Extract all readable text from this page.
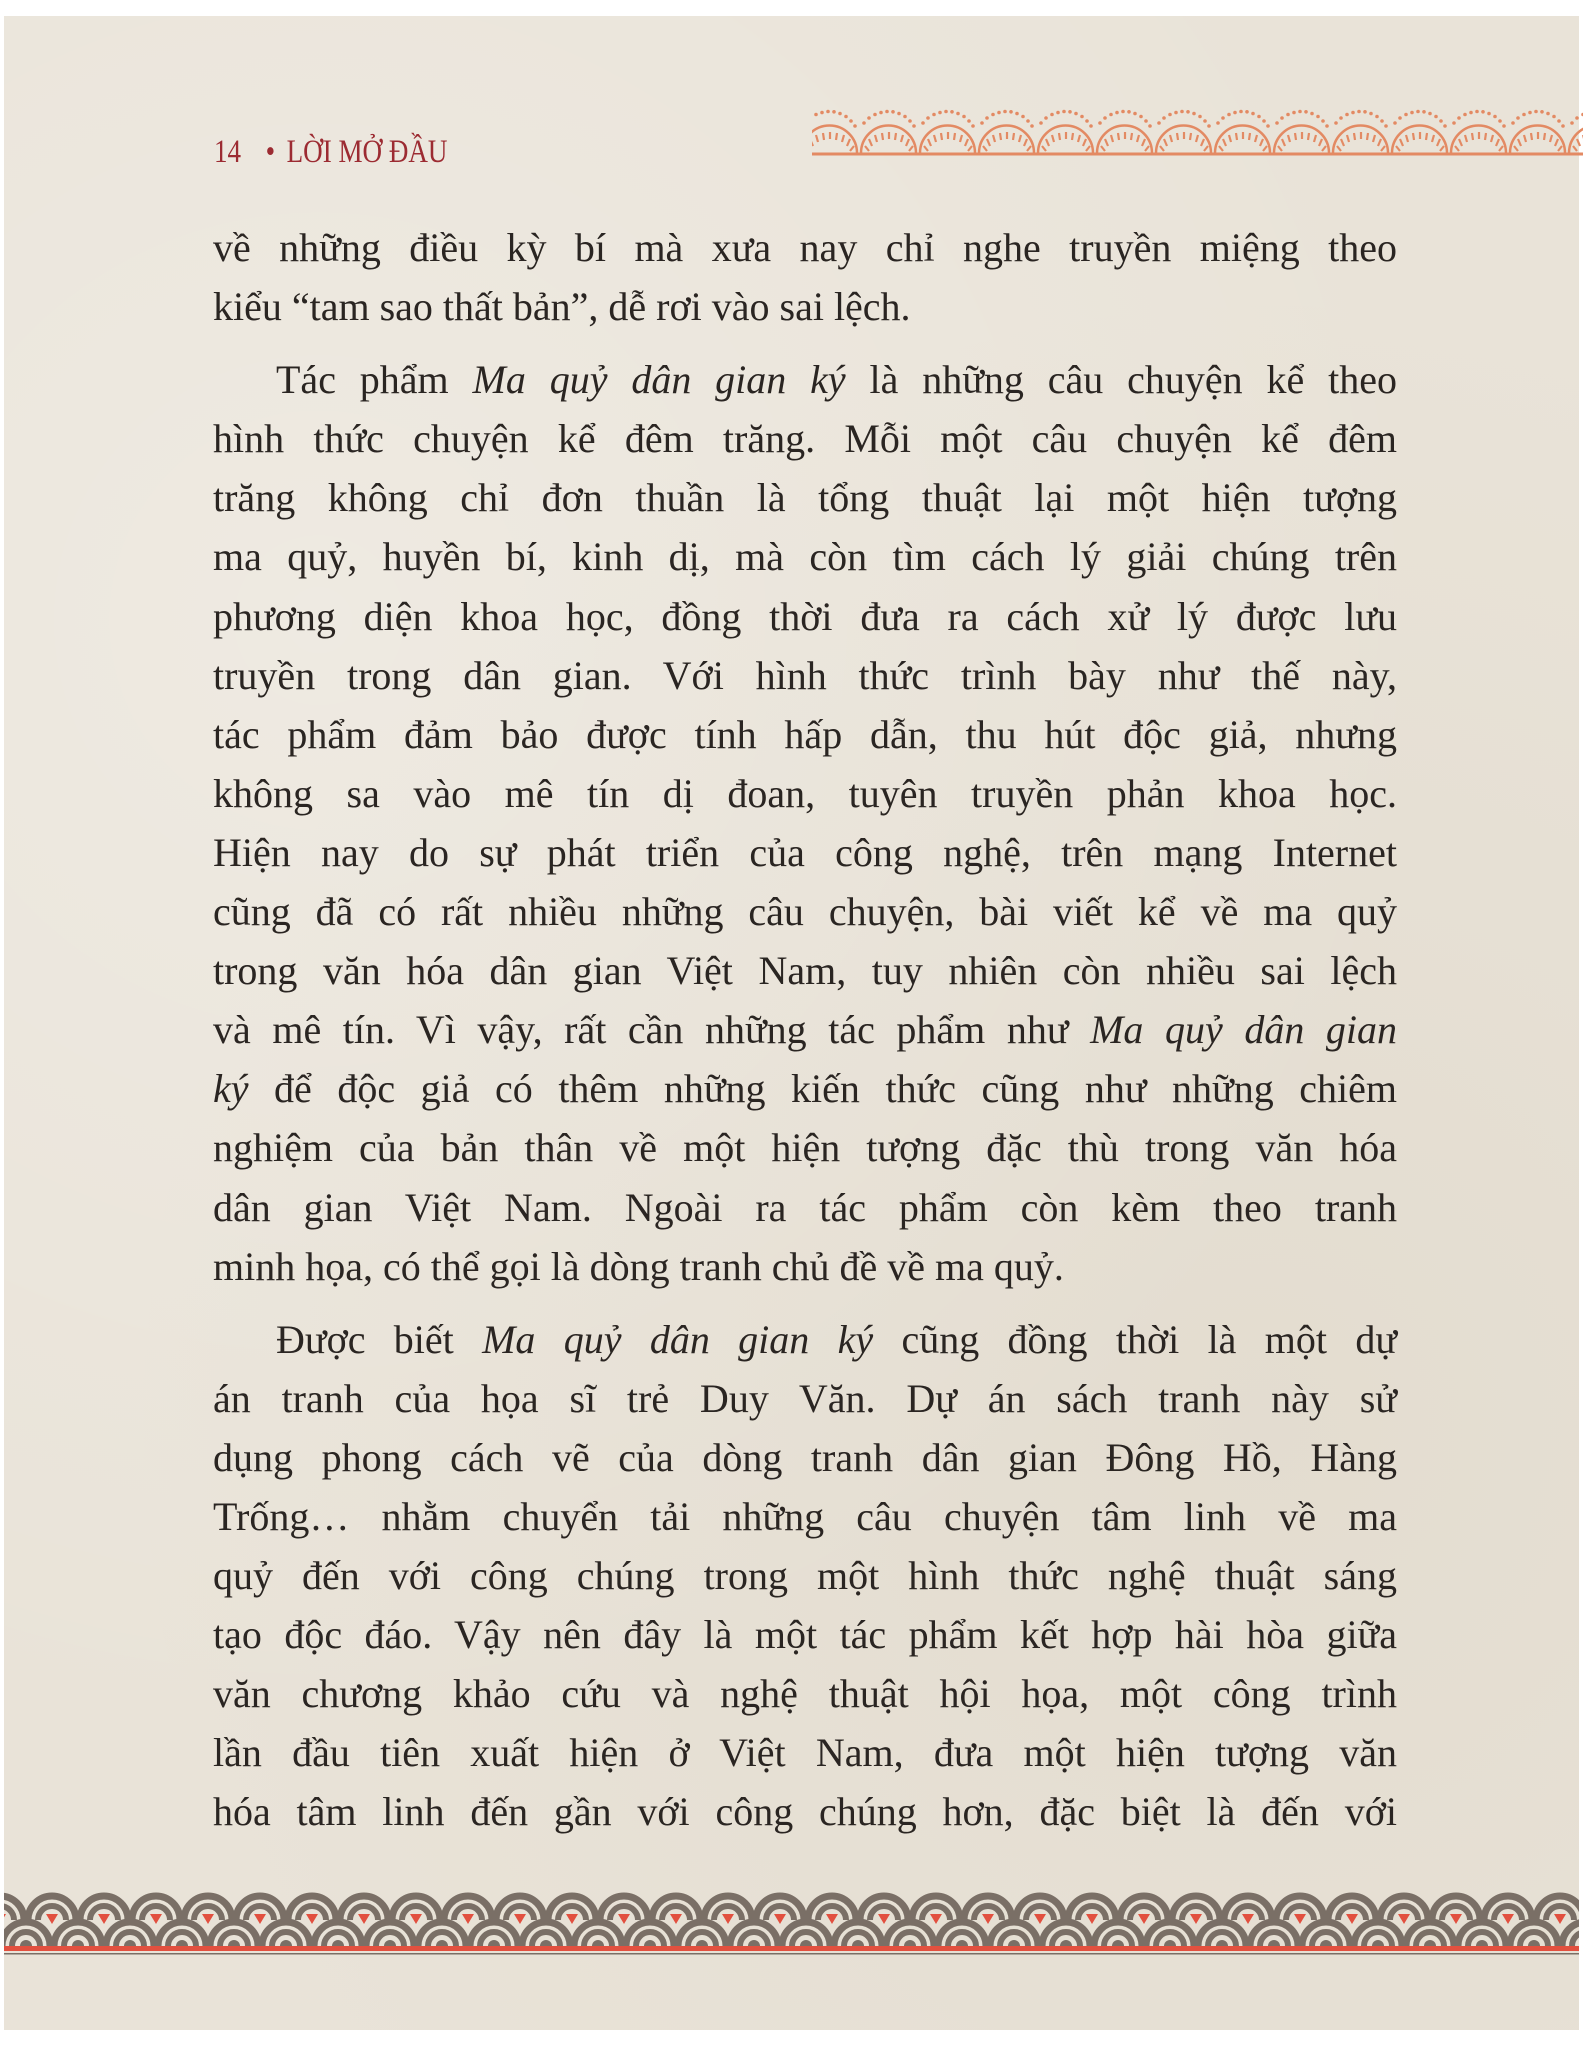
14 • LỜI MỞ ĐẦU
về những điều kỳ bí mà xưa nay chỉ nghe truyền miệng theo
kiểu “tam sao thất bản”, dễ rơi vào sai lệch.
Tác phẩm Ma quỷ dân gian ký là những câu chuyện kể theo
hình thức chuyện kể đêm trăng. Mỗi một câu chuyện kể đêm
trăng không chỉ đơn thuần là tổng thuật lại một hiện tượng
ma quỷ, huyền bí, kinh dị, mà còn tìm cách lý giải chúng trên
phương diện khoa học, đồng thời đưa ra cách xử lý được lưu
truyền trong dân gian. Với hình thức trình bày như thế này,
tác phẩm đảm bảo được tính hấp dẫn, thu hút độc giả, nhưng
không sa vào mê tín dị đoan, tuyên truyền phản khoa học.
Hiện nay do sự phát triển của công nghệ, trên mạng Internet
cũng đã có rất nhiều những câu chuyện, bài viết kể về ma quỷ
trong văn hóa dân gian Việt Nam, tuy nhiên còn nhiều sai lệch
và mê tín. Vì vậy, rất cần những tác phẩm như Ma quỷ dân gian
ký để độc giả có thêm những kiến thức cũng như những chiêm
nghiệm của bản thân về một hiện tượng đặc thù trong văn hóa
dân gian Việt Nam. Ngoài ra tác phẩm còn kèm theo tranh
minh họa, có thể gọi là dòng tranh chủ đề về ma quỷ.
Được biết Ma quỷ dân gian ký cũng đồng thời là một dự
án tranh của họa sĩ trẻ Duy Văn. Dự án sách tranh này sử
dụng phong cách vẽ của dòng tranh dân gian Đông Hồ, Hàng
Trống… nhằm chuyển tải những câu chuyện tâm linh về ma
quỷ đến với công chúng trong một hình thức nghệ thuật sáng
tạo độc đáo. Vậy nên đây là một tác phẩm kết hợp hài hòa giữa
văn chương khảo cứu và nghệ thuật hội họa, một công trình
lần đầu tiên xuất hiện ở Việt Nam, đưa một hiện tượng văn
hóa tâm linh đến gần với công chúng hơn, đặc biệt là đến với
